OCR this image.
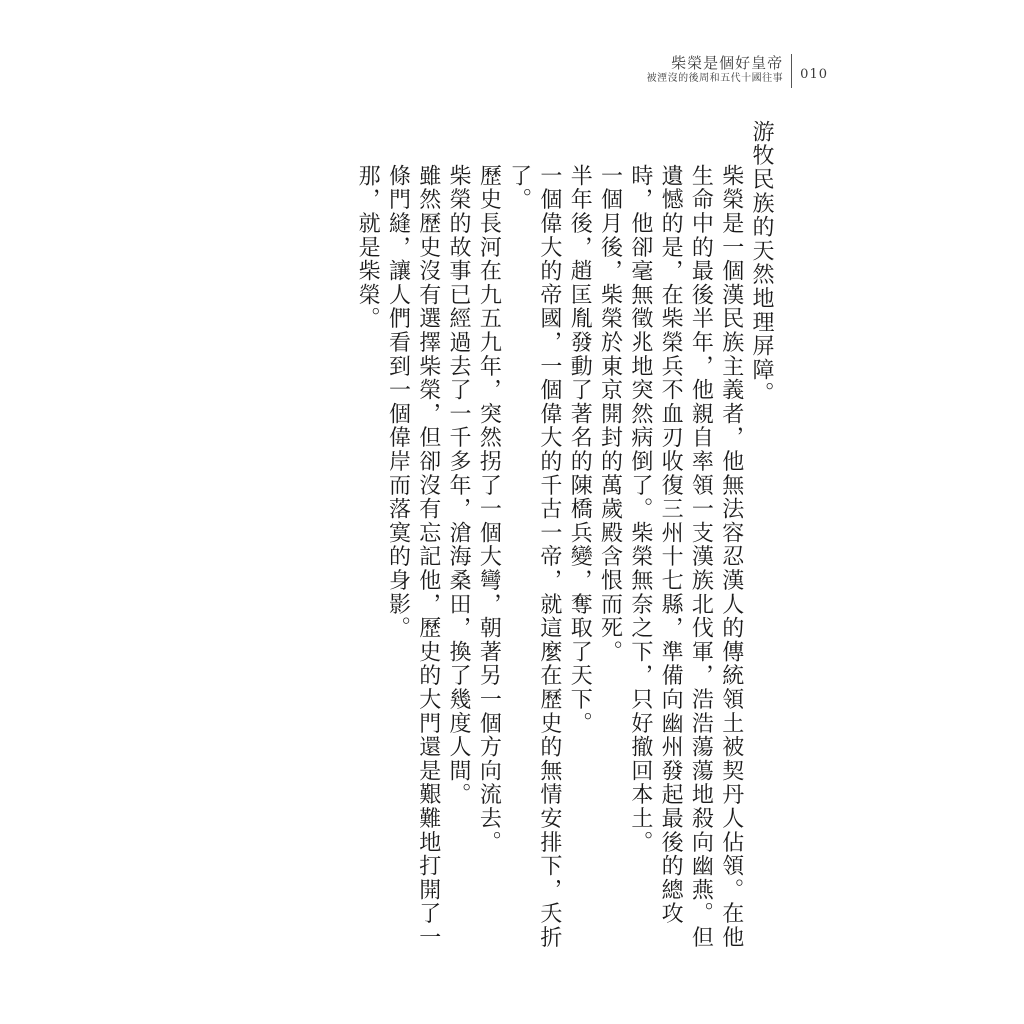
柴榮是個好皇帝
被湮沒的後周和五代十國往事 010

游牧民族的天然地理屏障。

柴榮是一個漢民族主義者，他無法容忍漢人的傳統領土被契丹人佔領。在他生命中的最後半年，他親自率領一支漢族北伐軍，浩浩蕩蕩地殺向幽燕。但遺憾的是，在柴榮兵不血刃收復三州十七縣，準備向幽州發起最後的總攻時，他卻毫無徵兆地突然病倒了。柴榮無奈之下，只好撤回本土。

一個月後，柴榮於東京開封的萬歲殿含恨而死。

半年後，趙匡胤發動了著名的陳橋兵變，奪取了天下。

一個偉大的帝國，一個偉大的千古一帝，就這麼在歷史的無情安排下，夭折了。

歷史長河在九五九年，突然拐了一個大彎，朝著另一個方向流去。

柴榮的故事已經過去了一千多年，滄海桑田，換了幾度人間。

雖然歷史沒有選擇柴榮，但卻沒有忘記他，歷史的大門還是艱難地打開了一條門縫，讓人們看到一個偉岸而落寞的身影。

那，就是柴榮。
